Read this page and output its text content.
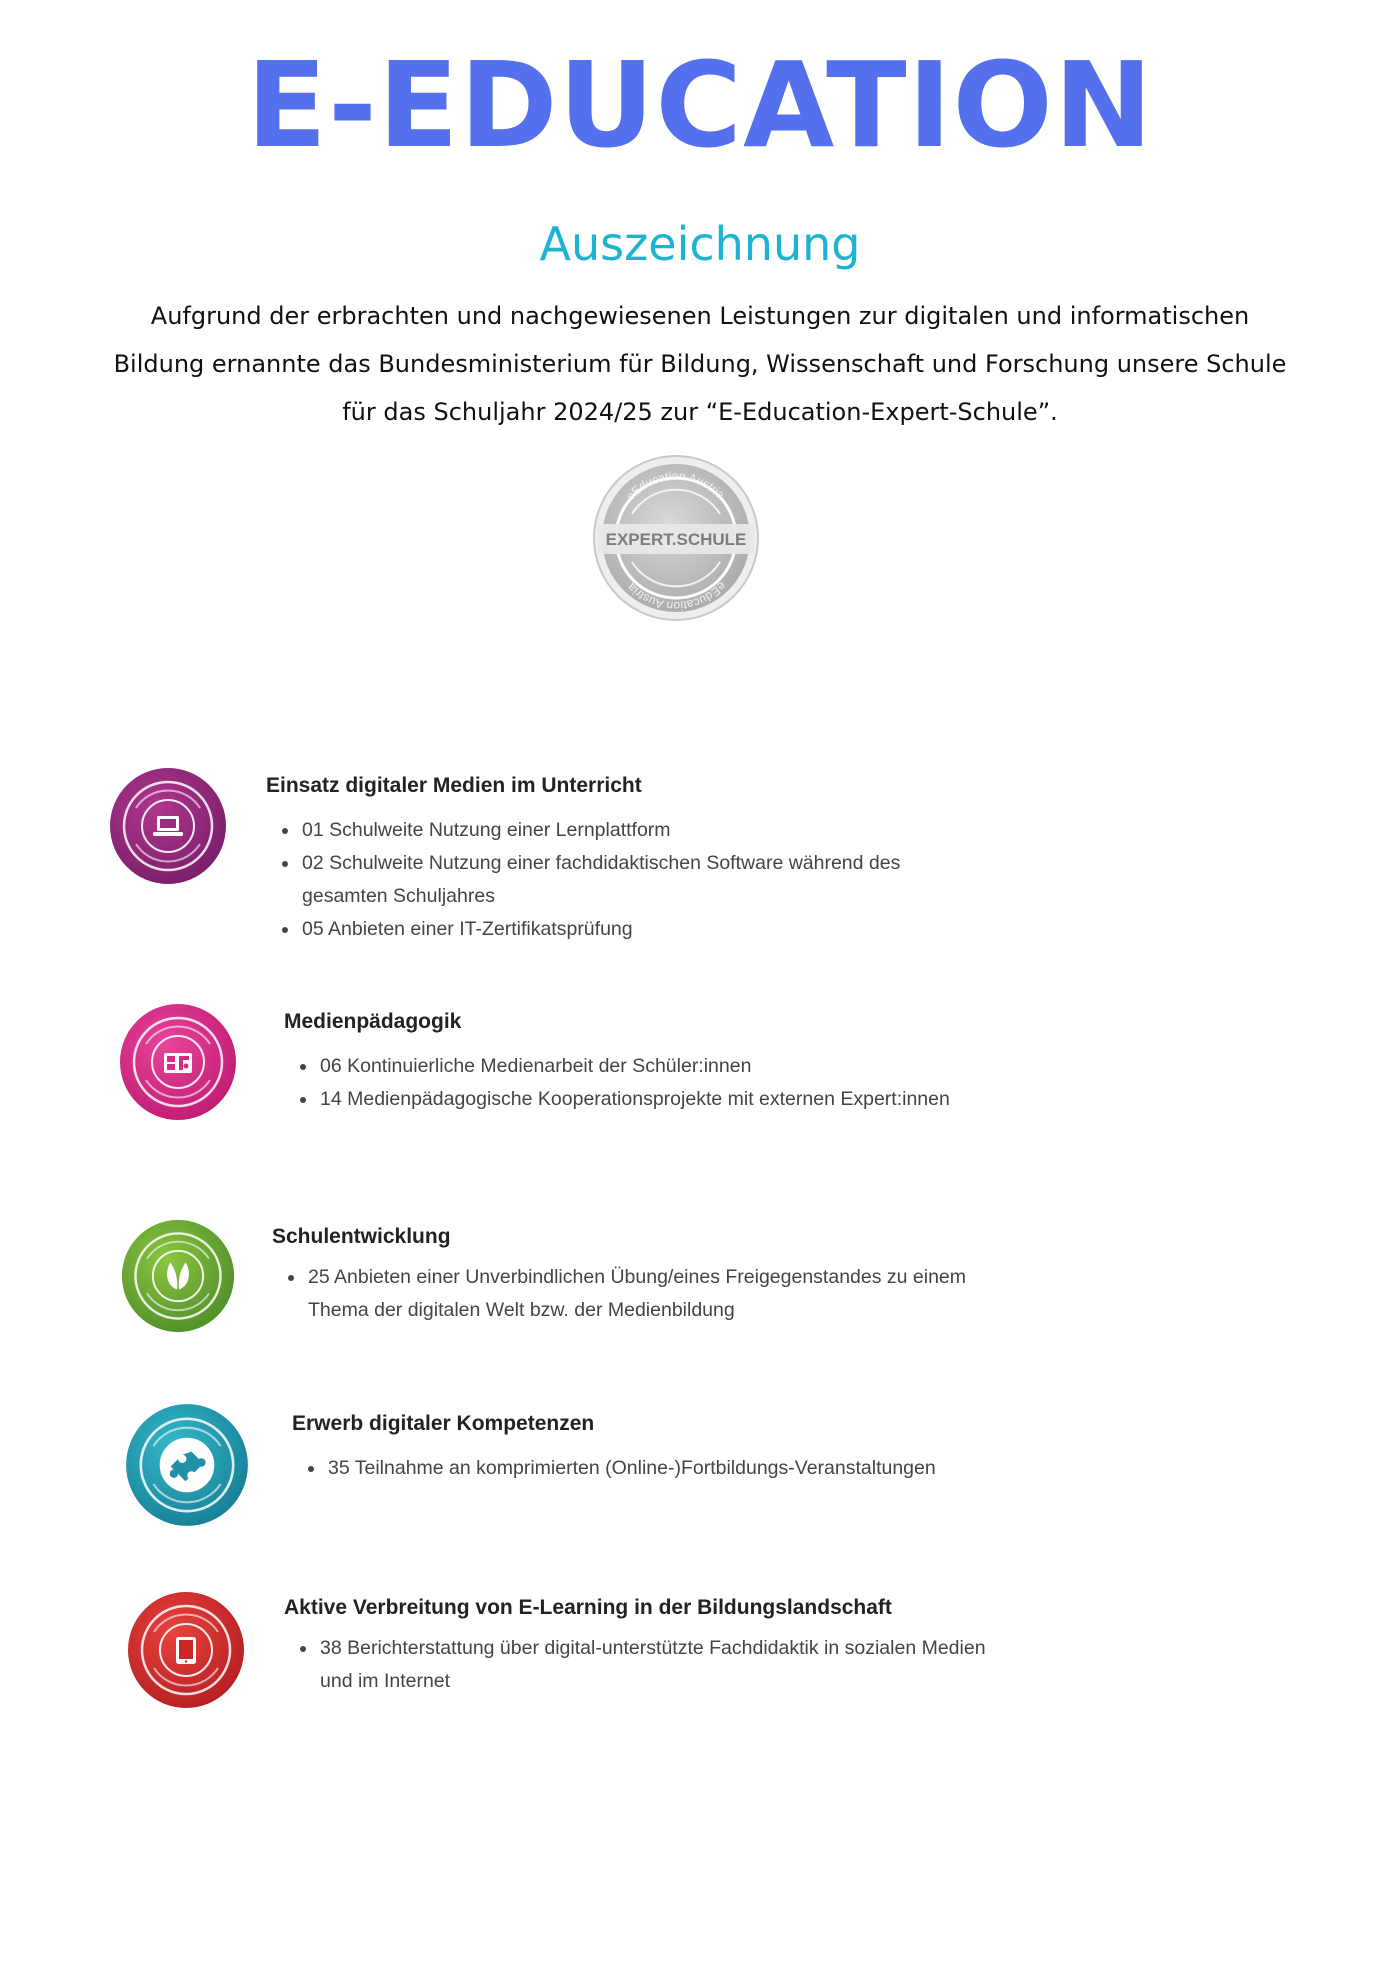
E-EDUCATION
Auszeichnung
Aufgrund der erbrachten und nachgewiesenen Leistungen zur digitalen und informatischen Bildung ernannte das Bundesministerium für Bildung, Wissenschaft und Forschung unsere Schule für das Schuljahr 2024/25 zur “E-Education-Expert-Schule”.
eEducation Austria
eEducation Austria
EXPERT.SCHULE
Einsatz digitaler Medien im Unterricht
• 01 Schulweite Nutzung einer Lernplattform
• 02 Schulweite Nutzung einer fachdidaktischen Software während des gesamten Schuljahres
• 05 Anbieten einer IT-Zertifikatsprüfung
Medienpädagogik
• 06 Kontinuierliche Medienarbeit der Schüler:innen
• 14 Medienpädagogische Kooperationsprojekte mit externen Expert:innen
Schulentwicklung
• 25 Anbieten einer Unverbindlichen Übung/eines Freigegenstandes zu einem Thema der digitalen Welt bzw. der Medienbildung
Erwerb digitaler Kompetenzen
• 35 Teilnahme an komprimierten (Online-)Fortbildungs-Veranstaltungen
Aktive Verbreitung von E-Learning in der Bildungslandschaft
• 38 Berichterstattung über digital-unterstützte Fachdidaktik in sozialen Medien und im Internet
